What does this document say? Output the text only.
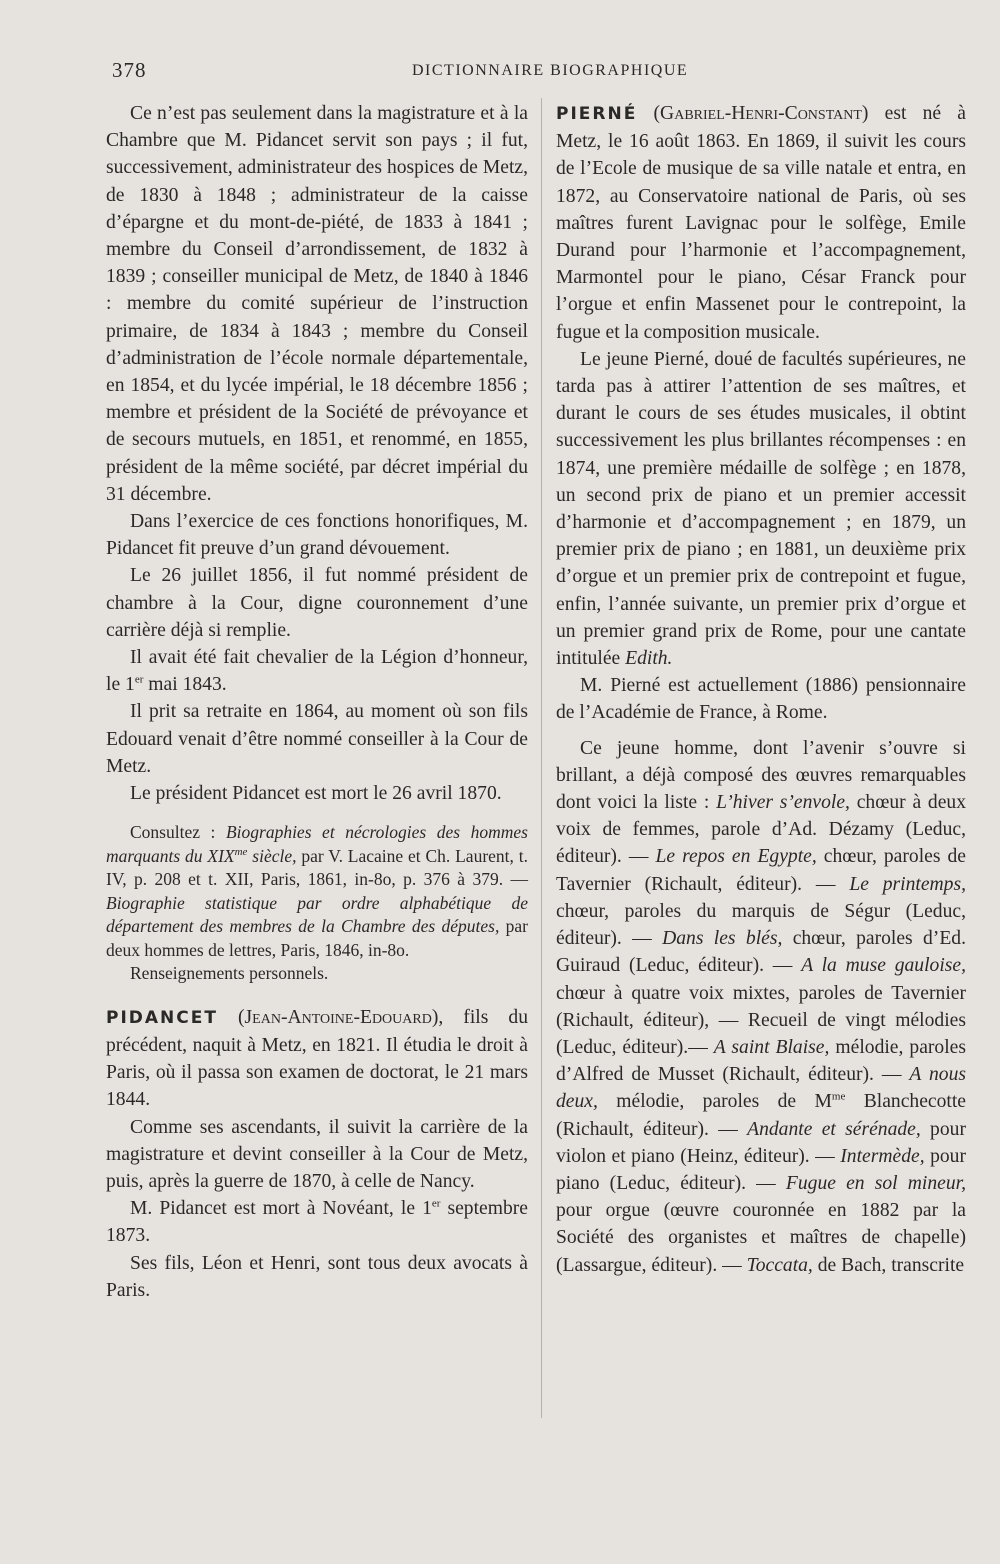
378	DICTIONNAIRE BIOGRAPHIQUE

Ce n’est pas seulement dans la magistrature et à la Chambre que M. Pidancet servit son pays ; il fut, successivement, administrateur des hospices de Metz, de 1830 à 1848 ; administrateur de la caisse d’épargne et du mont-de-piété, de 1833 à 1841 ; membre du Conseil d’arrondissement, de 1832 à 1839 ; conseiller municipal de Metz, de 1840 à 1846 : membre du comité supérieur de l’instruction primaire, de 1834 à 1843 ; membre du Conseil d’administration de l’école normale départementale, en 1854, et du lycée impérial, le 18 décembre 1856 ; membre et président de la Société de prévoyance et de secours mutuels, en 1851, et renommé, en 1855, président de la même société, par décret impérial du 31 décembre.

Dans l’exercice de ces fonctions honorifiques, M. Pidancet fit preuve d’un grand dévouement.

Le 26 juillet 1856, il fut nommé président de chambre à la Cour, digne couronnement d’une carrière déjà si remplie.

Il avait été fait chevalier de la Légion d’honneur, le 1er mai 1843.

Il prit sa retraite en 1864, au moment où son fils Edouard venait d’être nommé conseiller à la Cour de Metz.

Le président Pidancet est mort le 26 avril 1870.

Consultez : Biographies et nécrologies des hommes marquants du $XIX^{me}$ siècle, par V. Lacaine et Ch. Laurent, t. IV, p. 208 et t. XII, Paris, 1861, in-8o, p. 376 à 379. — Biographie statistique par ordre alphabétique de département des membres de la Chambre des députes, par deux hommes de lettres, Paris, 1846, in-8o.

Renseignements personnels.

PIDANCET (Jean-Antoine-Edouard), fils du précédent, naquit à Metz, en 1821. Il étudia le droit à Paris, où il passa son examen de doctorat, le 21 mars 1844.

Comme ses ascendants, il suivit la carrière de la magistrature et devint conseiller à la Cour de Metz, puis, après la guerre de 1870, à celle de Nancy.

M. Pidancet est mort à Novéant, le 1er septembre 1873.

Ses fils, Léon et Henri, sont tous deux avocats à Paris.

PIERNÉ (Gabriel-Henri-Constant) est né à Metz, le 16 août 1863. En 1869, il suivit les cours de l’Ecole de musique de sa ville natale et entra, en 1872, au Conservatoire national de Paris, où ses maîtres furent Lavignac pour le solfège, Emile Durand pour l’harmonie et l’accompagnement, Marmontel pour le piano, César Franck pour l’orgue et enfin Massenet pour le contrepoint, la fugue et la composition musicale.

Le jeune Pierné, doué de facultés supérieures, ne tarda pas à attirer l’attention de ses maîtres, et durant le cours de ses études musicales, il obtint successivement les plus brillantes récompenses : en 1874, une première médaille de solfège ; en 1878, un second prix de piano et un premier accessit d’harmonie et d’accompagnement ; en 1879, un premier prix de piano ; en 1881, un deuxième prix d’orgue et un premier prix de contrepoint et fugue, enfin, l’année suivante, un premier prix d’orgue et un premier grand prix de Rome, pour une cantate intitulée Edith.

M. Pierné est actuellement (1886) pensionnaire de l’Académie de France, à Rome.

Ce jeune homme, dont l’avenir s’ouvre si brillant, a déjà composé des œuvres remarquables dont voici la liste : L’hiver s’envole, chœur à deux voix de femmes, parole d’Ad. Dézamy (Leduc, éditeur). — Le repos en Egypte, chœur, paroles de Tavernier (Richault, éditeur). — Le printemps, chœur, paroles du marquis de Ségur (Leduc, éditeur). — Dans les blés, chœur, paroles d’Ed. Guiraud (Leduc, éditeur). — A la muse gauloise, chœur à quatre voix mixtes, paroles de Tavernier (Richault, éditeur), — Recueil de vingt mélodies (Leduc, éditeur).— A saint Blaise, mélodie, paroles d’Alfred de Musset (Richault, éditeur). — A nous deux, mélodie, paroles de $M^{me}$ Blanchecotte (Richault, éditeur). — Andante et sérénade, pour violon et piano (Heinz, éditeur). — Intermède, pour piano (Leduc, éditeur). — Fugue en sol mineur, pour orgue (œuvre couronnée en 1882 par la Société des organistes et maîtres de chapelle) (Lassargue, éditeur). — Toccata, de Bach, transcrite
